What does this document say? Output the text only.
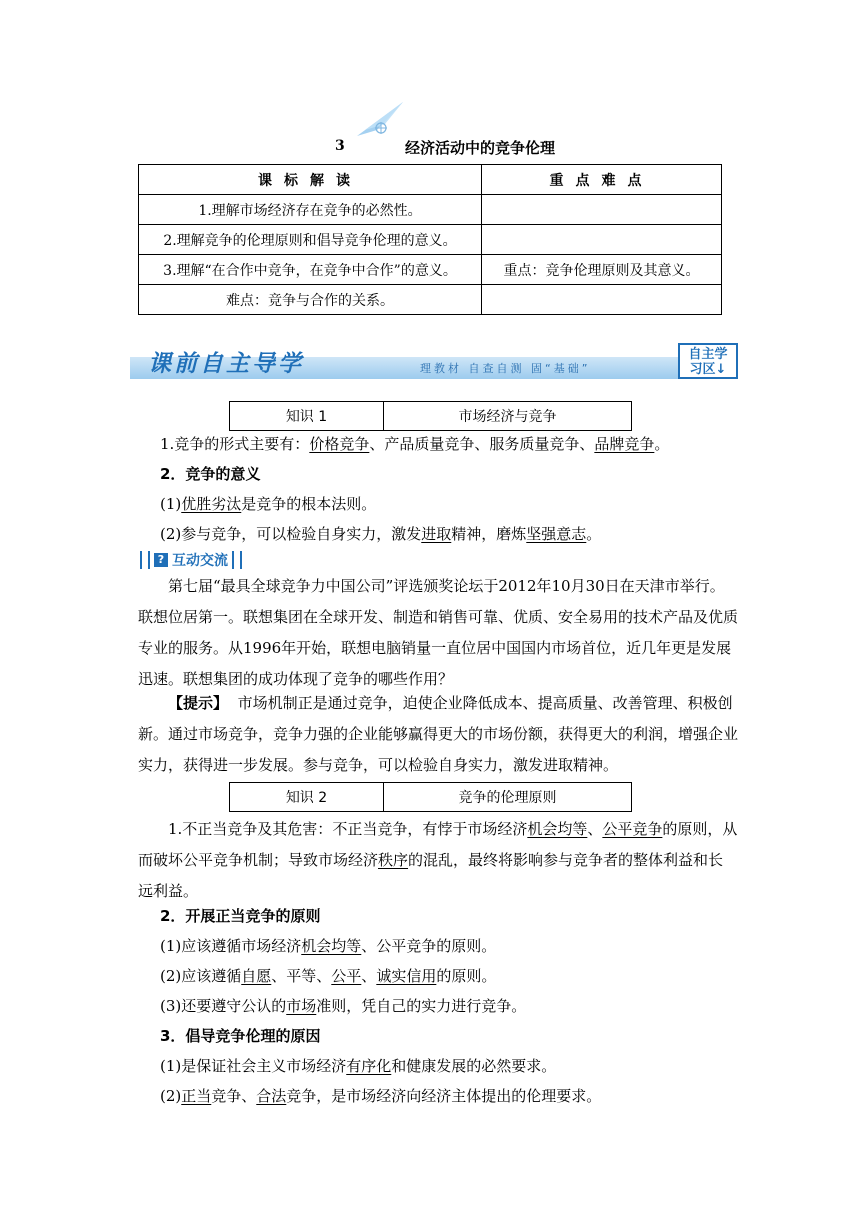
3	经济活动中的竞争伦理
课标解读	重点难点
1.理解市场经济存在竞争的必然性。	
2.理解竞争的伦理原则和倡导竞争伦理的意义。	
3.理解“在合作中竞争，在竞争中合作”的意义。	重点：竞争伦理原则及其意义。
难点：竞争与合作的关系。	
课前自主导学	理教材 自查自测 固“基础”
自主学
习区↓
知识 1	市场经济与竞争
1.竞争的形式主要有：价格竞争、产品质量竞争、服务质量竞争、品牌竞争。
2．竞争的意义
(1)优胜劣汰是竞争的根本法则。
(2)参与竞争，可以检验自身实力，激发进取精神，磨炼坚强意志。
? 互动交流
第七届“最具全球竞争力中国公司”评选颁奖论坛于2012年10月30日在天津市举行。联想位居第一。联想集团在全球开发、制造和销售可靠、优质、安全易用的技术产品及优质专业的服务。从1996年开始，联想电脑销量一直位居中国国内市场首位，近几年更是发展迅速。联想集团的成功体现了竞争的哪些作用？
【提示】 市场机制正是通过竞争，迫使企业降低成本、提高质量、改善管理、积极创新。通过市场竞争，竞争力强的企业能够赢得更大的市场份额，获得更大的利润，增强企业实力，获得进一步发展。参与竞争，可以检验自身实力，激发进取精神。
知识 2	竞争的伦理原则
1.不正当竞争及其危害：不正当竞争，有悖于市场经济机会均等、公平竞争的原则，从而破坏公平竞争机制；导致市场经济秩序的混乱，最终将影响参与竞争者的整体利益和长远利益。
2．开展正当竞争的原则
(1)应该遵循市场经济机会均等、公平竞争的原则。
(2)应该遵循自愿、平等、公平、诚实信用的原则。
(3)还要遵守公认的市场准则，凭自己的实力进行竞争。
3．倡导竞争伦理的原因
(1)是保证社会主义市场经济有序化和健康发展的必然要求。
(2)正当竞争、合法竞争，是市场经济向经济主体提出的伦理要求。
